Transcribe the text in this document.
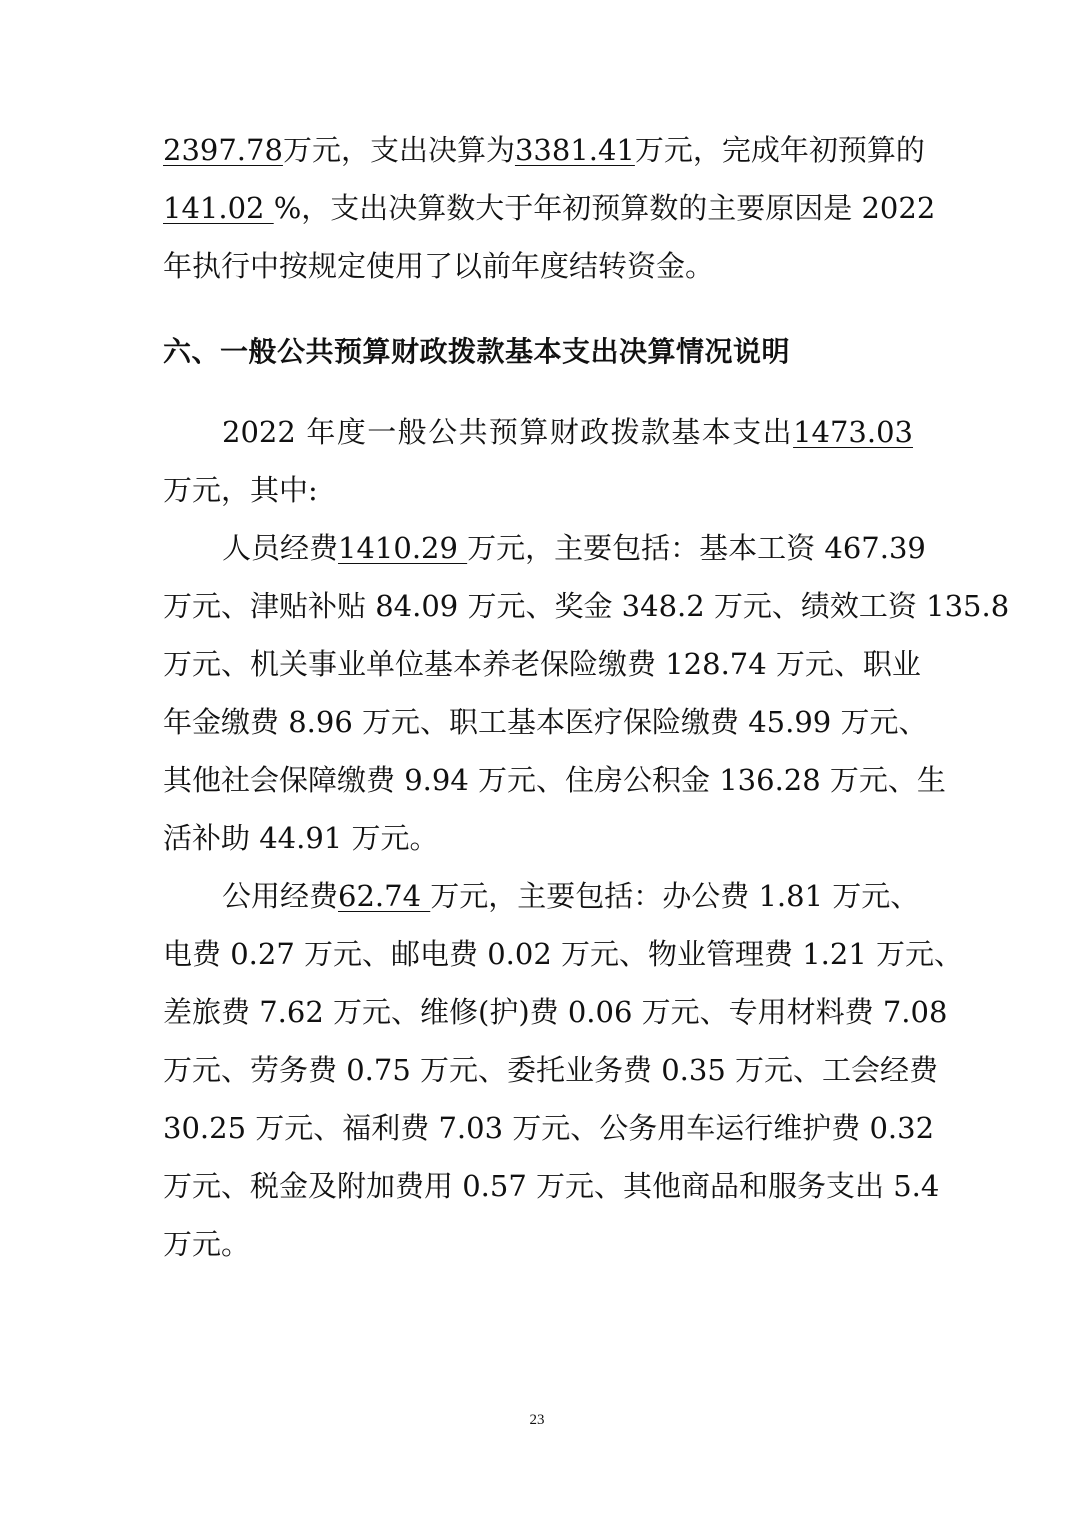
2397.78万元，支出决算为3381.41万元，完成年初预算的
141.02 %，支出决算数大于年初预算数的主要原因是 2022
年执行中按规定使用了以前年度结转资金。
六、一般公共预算财政拨款基本支出决算情况说明
2022 年度一般公共预算财政拨款基本支出1473.03
万元，其中:
人员经费1410.29 万元，主要包括：基本工资 467.39
万元、津贴补贴 84.09 万元、奖金 348.2 万元、绩效工资 135.8
万元、机关事业单位基本养老保险缴费 128.74 万元、职业
年金缴费 8.96 万元、职工基本医疗保险缴费 45.99 万元、
其他社会保障缴费 9.94 万元、住房公积金 136.28 万元、生
活补助 44.91 万元。
公用经费62.74 万元，主要包括：办公费 1.81 万元、
电费 0.27 万元、邮电费 0.02 万元、物业管理费 1.21 万元、
差旅费 7.62 万元、维修(护)费 0.06 万元、专用材料费 7.08
万元、劳务费 0.75 万元、委托业务费 0.35 万元、工会经费
30.25 万元、福利费 7.03 万元、公务用车运行维护费 0.32
万元、税金及附加费用 0.57 万元、其他商品和服务支出 5.4
万元。
23
